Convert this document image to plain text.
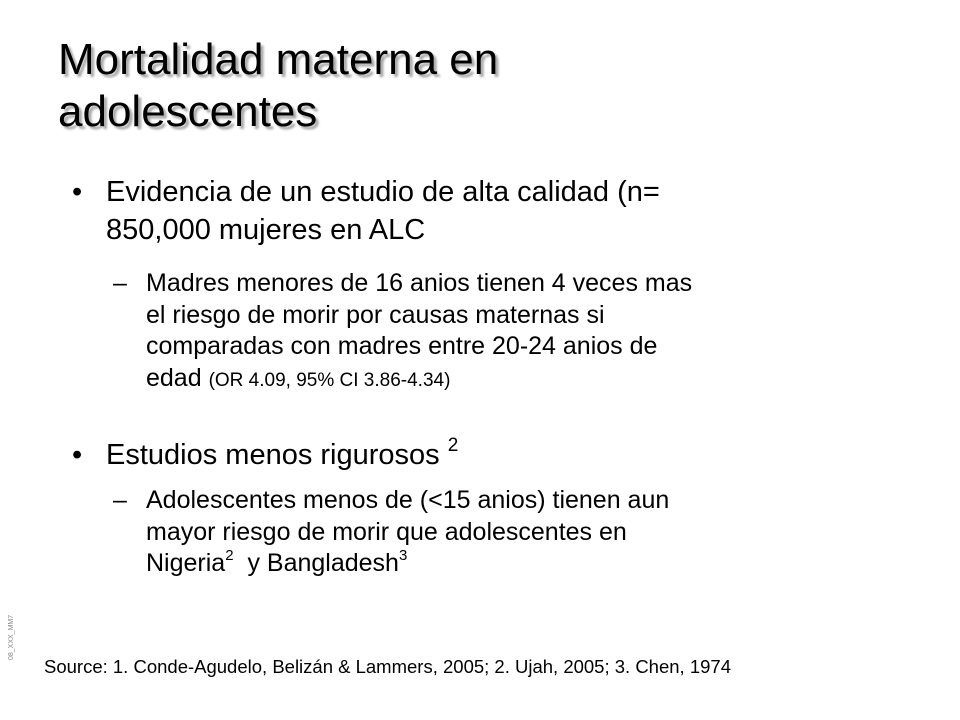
Mortalidad materna en
adolescentes
• Evidencia de un estudio de alta calidad (n=
850,000 mujeres en ALC
– Madres menores de 16 anios tienen 4 veces mas
el riesgo de morir por causas maternas si
comparadas con madres entre 20-24 anios de
edad (OR 4.09, 95% CI 3.86-4.34)
• Estudios menos rigurosos $^2$
– Adolescentes menos de (<15 anios) tienen aun
mayor riesgo de morir que adolescentes en
Nigeria$^2$ y Bangladesh$^3$
08_XXX_MM7
Source: 1. Conde-Agudelo, Belizán & Lammers, 2005; 2. Ujah, 2005; 3. Chen, 1974
